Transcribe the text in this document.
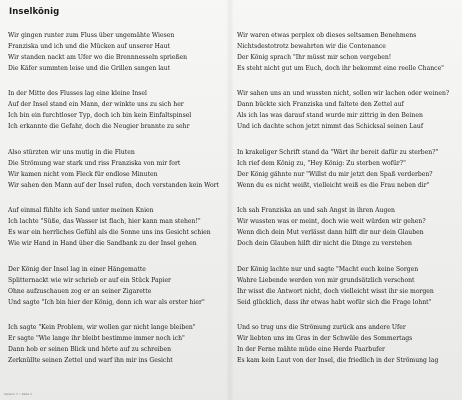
Inselkönig
Wir gingen runter zum Fluss über ungemähte Wiesen
Franziska und ich und die Mücken auf unserer Haut
Wir standen nackt am Ufer wo die Brennnesseln sprießen
Die Käfer summten leise und die Grillen sangen laut
In der Mitte des Flusses lag eine kleine Insel
Auf der Insel stand ein Mann, der winkte uns zu sich her
Ich bin ein furchtloser Typ, doch ich bin kein Einfaltspinsel
Ich erkannte die Gefahr, doch die Neugier brannte zu sehr
Also stürzten wir uns mutig in die Fluten
Die Strömung war stark und riss Franziska von mir fort
Wir kamen nicht vom Fleck für endlose Minuten
Wir sahen den Mann auf der Insel rufen, doch verstanden kein Wort
Auf einmal fühlte ich Sand unter meinen Knien
Ich lachte "Süße, das Wasser ist flach, hier kann man stehen!"
Es war ein herrliches Gefühl als die Sonne uns ins Gesicht schien
Wie wir Hand in Hand über die Sandbank zu der Insel gehen
Der König der Insel lag in einer Hängematte
Splitternackt wie wir schrieb er auf ein Stück Papier
Ohne aufzuschauen zog er an seiner Zigarette
Und sagte "Ich bin hier der König, denn ich war als erster hier"
Ich sagte "Kein Problem, wir wollen gar nicht lange bleiben"
Er sagte "Wie lange ihr bleibt bestimme immer noch ich"
Dann hob er seinen Blick und hörte auf zu schreiben
Zerknüllte seinen Zettel und warf ihn mir ins Gesicht
Wir waren etwas perplex ob dieses seltsamen Benehmens
Nichtsdestotrotz bewahrten wir die Contenance
Der König sprach "Ihr müsst mir schon vergeben!
Es steht nicht gut um Euch, doch ihr bekommt eine reelle Chance"
Wir sahen uns an und wussten nicht, sollen wir lachen oder weinen?
Dann bückte sich Franziska und faltete den Zettel auf
Als ich las was darauf stand wurde mir zittrig in den Beinen
Und ich dachte schon jetzt nimmt das Schicksal seinen Lauf
In krakeliger Schrift stand da "Wärt ihr bereit dafür zu sterben?"
Ich rief dem König zu, "Hey König: Zu sterben wofür?"
Der König gähnte nur "Willst du mir jetzt den Spaß verderben?
Wenn du es nicht weißt, vielleicht weiß es die Frau neben dir"
Ich sah Franziska an und sah Angst in ihren Augen
Wir wussten was er meint, doch wie weit würden wir gehen?
Wenn dich dein Mut verlässt dann hilft dir nur dein Glauben
Doch dein Glauben hilft dir nicht die Dinge zu verstehen
Der König lachte nur und sagte "Macht euch keine Sorgen
Wahre Liebende werden von mir grundsätzlich verschont
Ihr wisst die Antwort nicht, doch vielleicht wisst ihr sie morgen
Seid glücklich, dass ihr etwas habt wofür sich die Frage lohnt"
Und so trug uns die Strömung zurück ans andere Ufer
Wir liebten uns im Gras in der Schwüle des Sommertags
In der Ferne mähte müde eine Herde Paarbufer
Es kam kein Laut von der Insel, die friedlich in der Strömung lag
Version 7 • Seite 1
